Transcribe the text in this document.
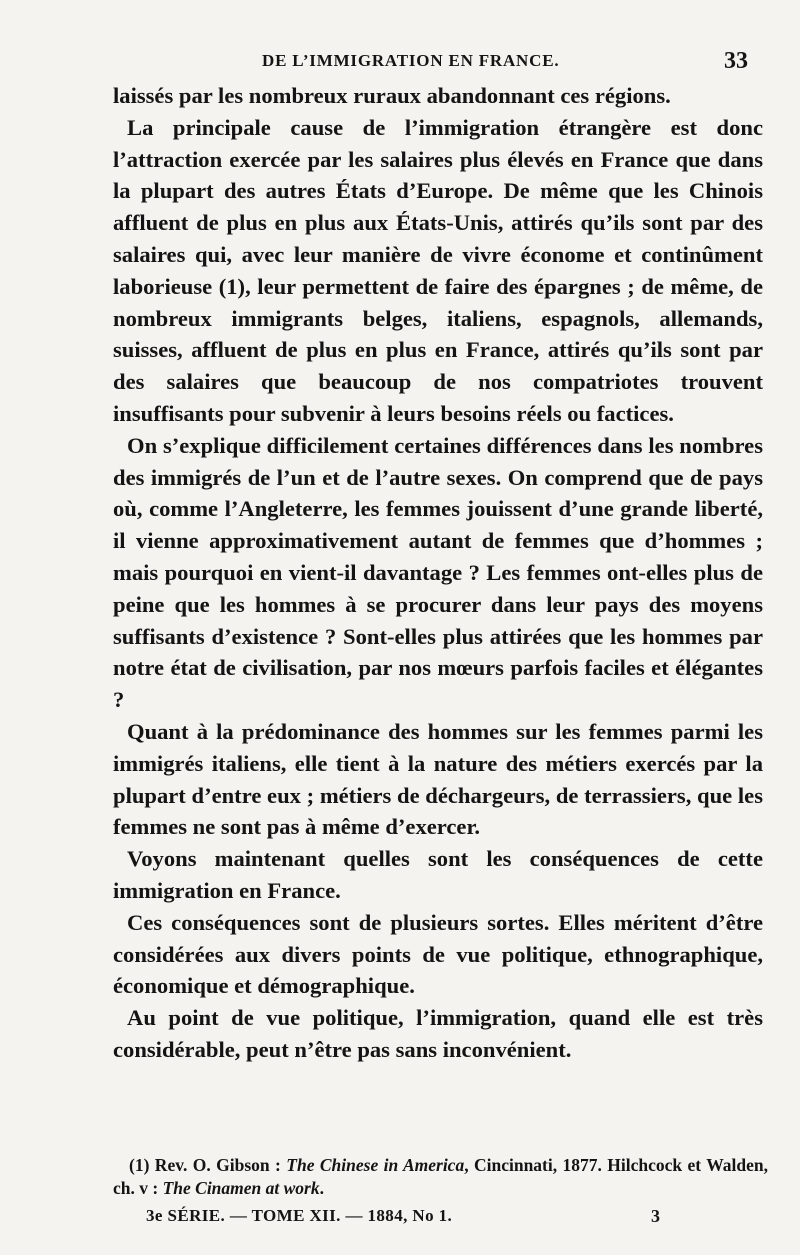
DE L’IMMIGRATION EN FRANCE.	33

laissés par les nombreux ruraux abandonnant ces régions.

La principale cause de l’immigration étrangère est donc l’attraction exercée par les salaires plus élevés en France que dans la plupart des autres États d’Europe. De même que les Chinois affluent de plus en plus aux États-Unis, attirés qu’ils sont par des salaires qui, avec leur manière de vivre économe et continûment laborieuse (1), leur permettent de faire des épargnes ; de même, de nombreux immigrants belges, italiens, espagnols, allemands, suisses, affluent de plus en plus en France, attirés qu’ils sont par des salaires que beaucoup de nos compatriotes trouvent insuffisants pour subvenir à leurs besoins réels ou factices.

On s’explique difficilement certaines différences dans les nombres des immigrés de l’un et de l’autre sexes. On comprend que de pays où, comme l’Angleterre, les femmes jouissent d’une grande liberté, il vienne approximativement autant de femmes que d’hommes ; mais pourquoi en vient-il davantage ? Les femmes ont-elles plus de peine que les hommes à se procurer dans leur pays des moyens suffisants d’existence ? Sont-elles plus attirées que les hommes par notre état de civilisation, par nos mœurs parfois faciles et élégantes ?

Quant à la prédominance des hommes sur les femmes parmi les immigrés italiens, elle tient à la nature des métiers exercés par la plupart d’entre eux ; métiers de déchargeurs, de terrassiers, que les femmes ne sont pas à même d’exercer.

Voyons maintenant quelles sont les conséquences de cette immigration en France.

Ces conséquences sont de plusieurs sortes. Elles méritent d’être considérées aux divers points de vue politique, ethnographique, économique et démographique.

Au point de vue politique, l’immigration, quand elle est très considérable, peut n’être pas sans inconvénient.

(1) Rev. O. Gibson : The Chinese in America, Cincinnati, 1877. Hilchcock et Walden, ch. v : The Cinamen at work.

3e SÉRIE. — TOME XII. — 1884, No 1.	3
